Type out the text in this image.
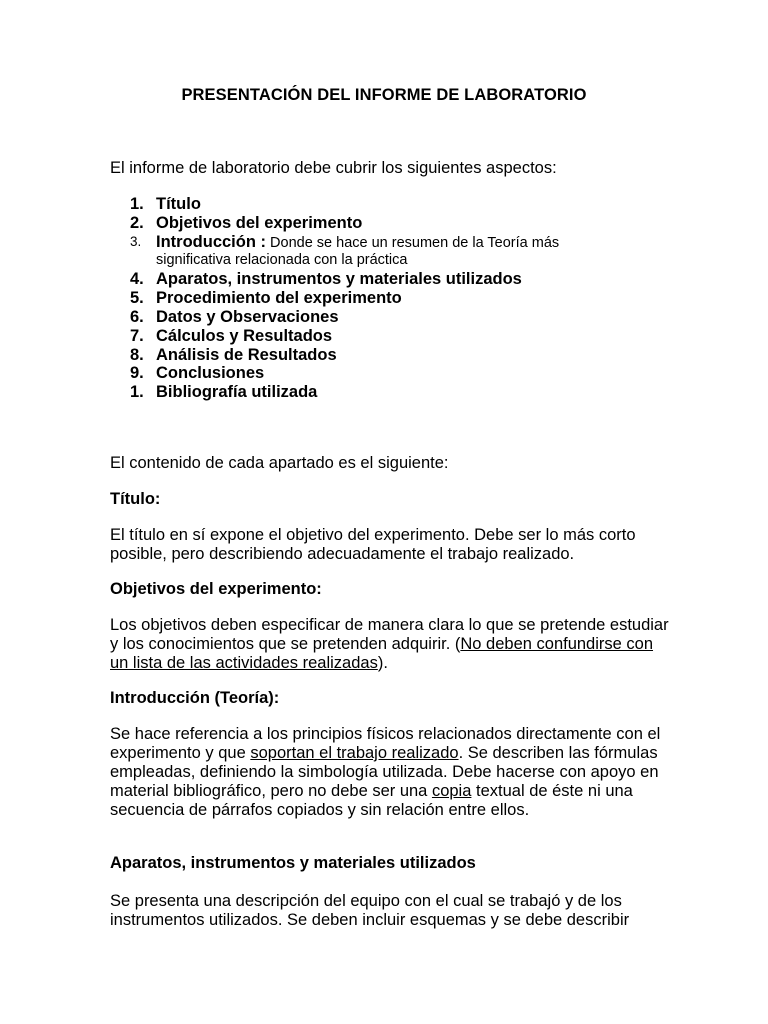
PRESENTACIÓN DEL INFORME DE LABORATORIO
El informe de laboratorio debe cubrir los siguientes aspectos:
1. Título
2. Objetivos del experimento
3. Introducción : Donde se hace un resumen de la Teoría más
significativa relacionada con la práctica
4. Aparatos, instrumentos y materiales utilizados
5. Procedimiento del experimento
6. Datos y Observaciones
7. Cálculos y Resultados
8. Análisis de Resultados
9. Conclusiones
1. Bibliografía utilizada
El contenido de cada apartado es el siguiente:
Título:
El título en sí expone el objetivo del experimento. Debe ser lo más corto posible, pero describiendo adecuadamente el trabajo realizado.
Objetivos del experimento:
Los objetivos deben especificar de manera clara lo que se pretende estudiar y los conocimientos que se pretenden adquirir. (No deben confundirse con un lista de las actividades realizadas).
Introducción (Teoría):
Se hace referencia a los principios físicos relacionados directamente con el experimento y que soportan el trabajo realizado. Se describen las fórmulas empleadas, definiendo la simbología utilizada. Debe hacerse con apoyo en material bibliográfico, pero no debe ser una copia textual de éste ni una secuencia de párrafos copiados y sin relación entre ellos.
Aparatos, instrumentos y materiales utilizados
Se presenta una descripción del equipo con el cual se trabajó y de los instrumentos utilizados. Se deben incluir esquemas y se debe describir
